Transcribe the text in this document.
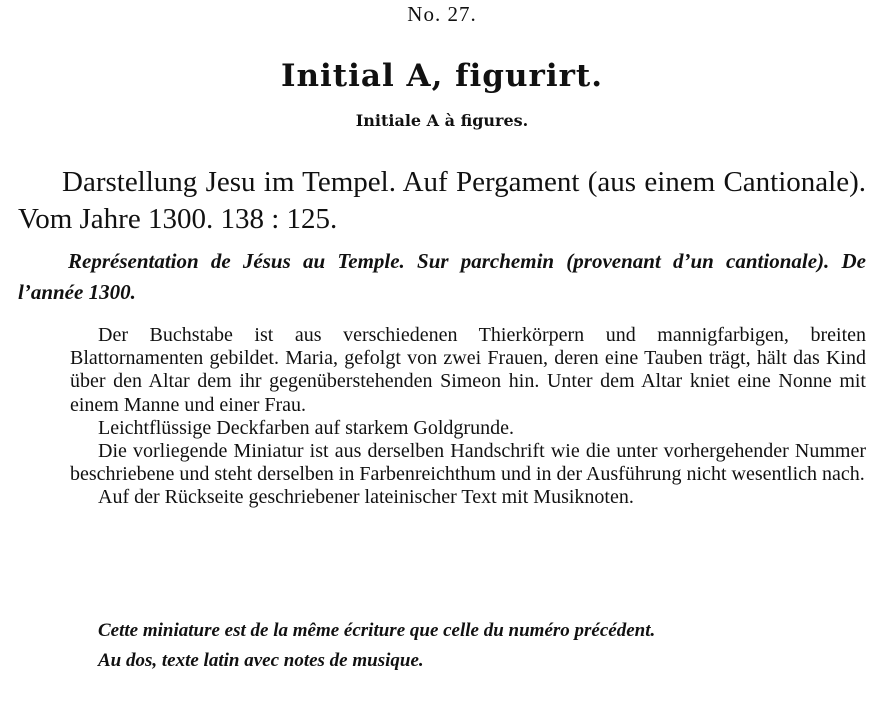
No. 27.
Initial A, figurirt.
Initiale A à figures.
Darstellung Jesu im Tempel. Auf Pergament (aus einem Cantionale). Vom Jahre 1300. 138 : 125.
Représentation de Jésus au Temple. Sur parchemin (provenant d’un cantionale). De l’année 1300.

Der Buchstabe ist aus verschiedenen Thierkörpern und mannigfarbigen, breiten Blattornamenten gebildet. Maria, gefolgt von zwei Frauen, deren eine Tauben trägt, hält das Kind über den Altar dem ihr gegenüberstehenden Simeon hin. Unter dem Altar kniet eine Nonne mit einem Manne und einer Frau.

Leichtflüssige Deckfarben auf starkem Goldgrunde.

Die vorliegende Miniatur ist aus derselben Handschrift wie die unter vorhergehender Nummer beschriebene und steht derselben in Farbenreichthum und in der Ausführung nicht wesentlich nach.

Auf der Rückseite geschriebener lateinischer Text mit Musiknoten.

Cette miniature est de la même écriture que celle du numéro précédent.

Au dos, texte latin avec notes de musique.
